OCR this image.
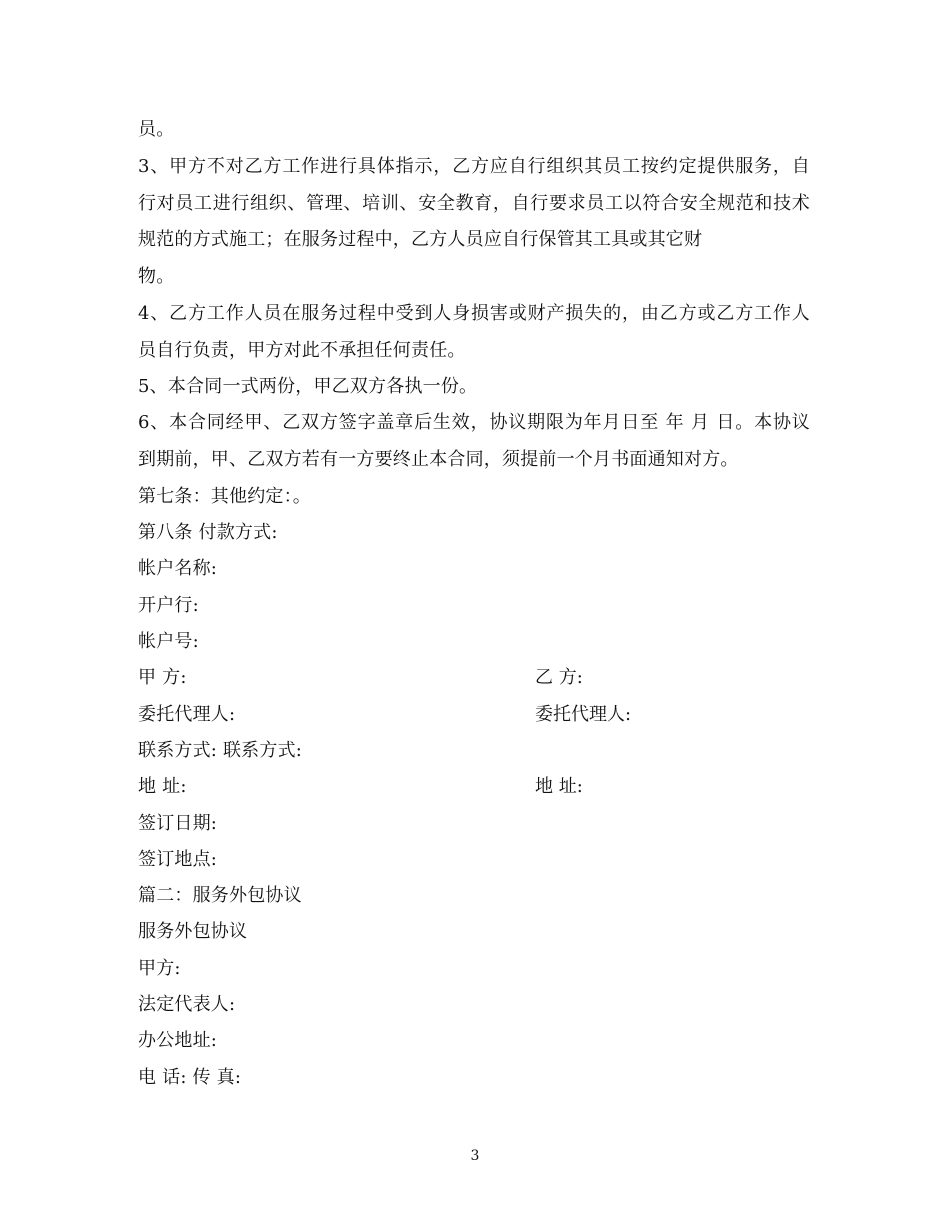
员。
3、甲方不对乙方工作进行具体指示，乙方应自行组织其员工按约定提供服务，自
行对员工进行组织、管理、培训、安全教育，自行要求员工以符合安全规范和技术
规范的方式施工；在服务过程中，乙方人员应自行保管其工具或其它财
物。
4、乙方工作人员在服务过程中受到人身损害或财产损失的，由乙方或乙方工作人
员自行负责，甲方对此不承担任何责任。
5、本合同一式两份，甲乙双方各执一份。
6、本合同经甲、乙双方签字盖章后生效，协议期限为年月日至 年 月 日。本协议
到期前，甲、乙双方若有一方要终止本合同，须提前一个月书面通知对方。
第七条：其他约定：。
第八条 付款方式:
帐户名称:
开户行:
帐户号:
甲 方:	乙 方:
委托代理人:	委托代理人:
联系方式: 联系方式:
地 址:	地 址:
签订日期:
签订地点:
篇二：服务外包协议
服务外包协议
甲方:
法定代表人:
办公地址:
电 话: 传 真:
3
